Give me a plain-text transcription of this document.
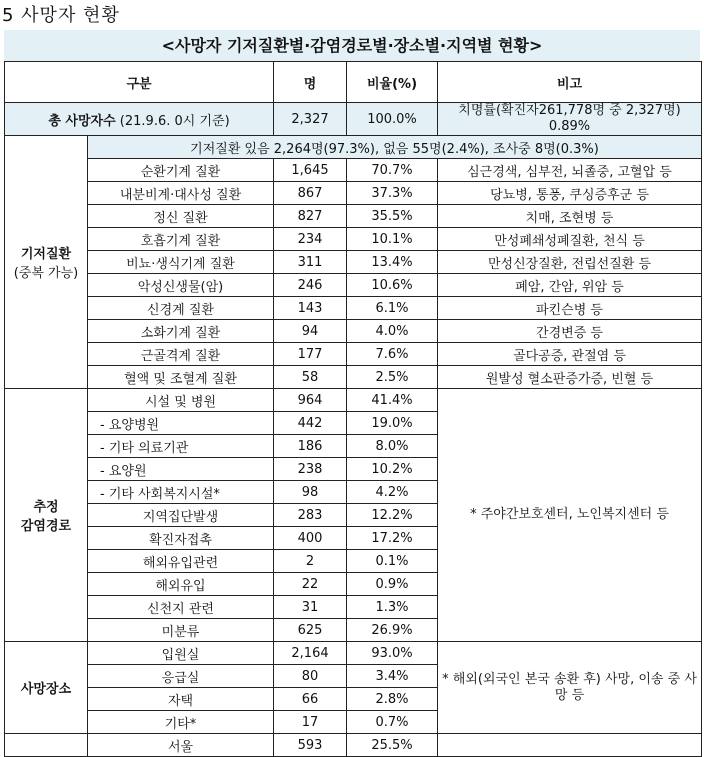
5 사망자 현황
<사망자 기저질환별·감염경로별·장소별·지역별 현황>
구분		명	비율(%)	비고
총 사망자수 (21.9.6. 0시 기준)		2,327	100.0%	치명률(확진자261,778명 중 2,327명) 0.89%

기저질환
(중복 가능)	기저질환 있음 2,264명(97.3%), 없음 55명(2.4%), 조사중 8명(0.3%)			
	순환기계 질환	1,645	70.7%	심근경색, 심부전, 뇌졸중, 고혈압 등
	내분비계·대사성 질환	867	37.3%	당뇨병, 통풍, 쿠싱증후군 등
	정신 질환	827	35.5%	치매, 조현병 등
	호흡기계 질환	234	10.1%	만성폐쇄성폐질환, 천식 등
	비뇨·생식기계 질환	311	13.4%	만성신장질환, 전립선질환 등
	악성신생물(암)	246	10.6%	폐암, 간암, 위암 등
	신경계 질환	143	6.1%	파킨슨병 등
	소화기계 질환	94	4.0%	간경변증 등
	근골격계 질환	177	7.6%	골다공증, 관절염 등
	혈액 및 조혈계 질환	58	2.5%	원발성 혈소판증가증, 빈혈 등

추정
감염경로	시설 및 병원	964	41.4%	* 주야간보호센터, 노인복지센터 등
	- 요양병원	442	19.0%	
	- 기타 의료기관	186	8.0%	
	- 요양원	238	10.2%	
	- 기타 사회복지시설*	98	4.2%	
	지역집단발생	283	12.2%	
	확진자접촉	400	17.2%	
	해외유입관련	2	0.1%	
	해외유입	22	0.9%	
	신천지 관련	31	1.3%	
	미분류	625	26.9%	
사망장소	입원실	2,164	93.0%	* 해외(외국인 본국 송환 후) 사망, 이송 중 사망 등
	응급실	80	3.4%	
	자택	66	2.8%	
	기타*	17	0.7%	
	서울	593	25.5%	
